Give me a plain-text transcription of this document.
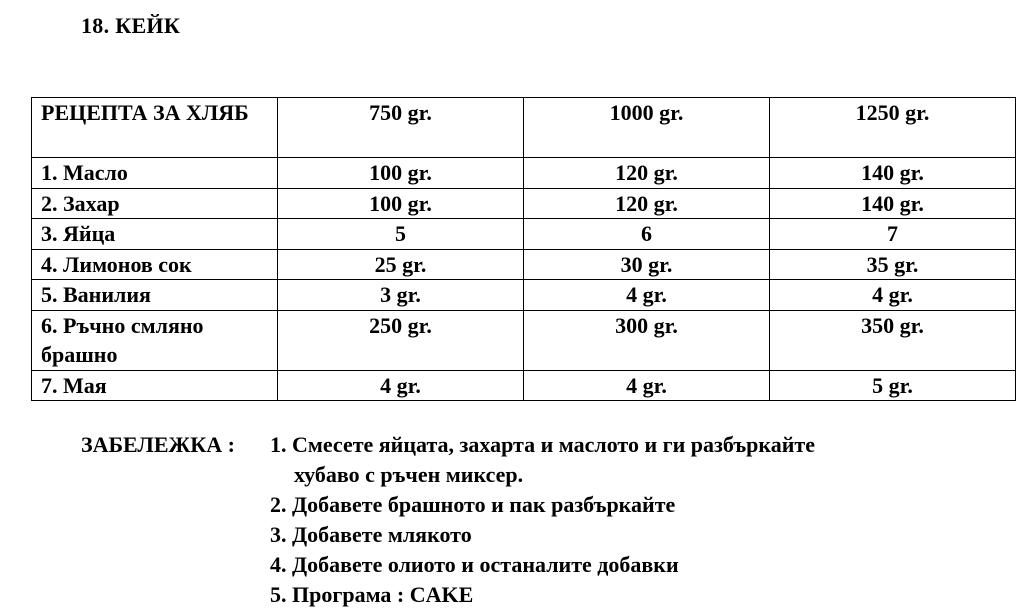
18. КЕЙК
РЕЦЕПТА ЗА ХЛЯБ	750 gr.	1000 gr.	1250 gr.
1. Масло	100 gr.	120 gr.	140 gr.
2. Захар	100 gr.	120 gr.	140 gr.
3. Яйца	5	6	7
4. Лимонов сок	25 gr.	30 gr.	35 gr.
5. Ванилия	3 gr.	4 gr.	4 gr.
6. Ръчно смляно брашно	250 gr.	300 gr.	350 gr.
7. Мая	4 gr.	4 gr.	5 gr.
ЗАБЕЛЕЖКА : 1. Смесете яйцата, захарта и маслото и ги разбъркайте
хубаво с ръчен миксер.
2. Добавете брашното и пак разбъркайте
3. Добавете млякото
4. Добавете олиото и останалите добавки
5. Програма : CAKE
